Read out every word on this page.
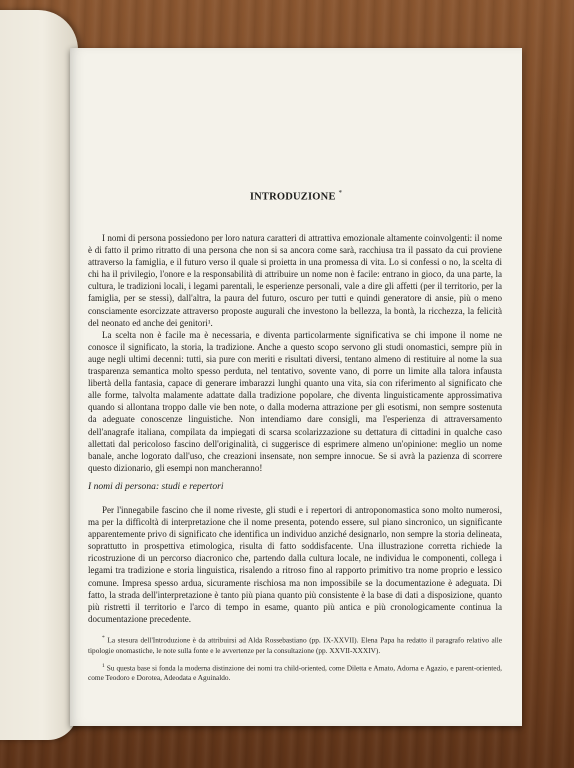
INTRODUZIONE *

I nomi di persona possiedono per loro natura caratteri di attrattiva emozionale altamente coinvolgenti: il nome è di fatto il primo ritratto di una persona che non si sa ancora come sarà, racchiusa tra il passato da cui proviene attraverso la famiglia, e il futuro verso il quale si proietta in una promessa di vita. Lo si confessi o no, la scelta di chi ha il privilegio, l'onore e la responsabilità di attribuire un nome non è facile: entrano in gioco, da una parte, la cultura, le tradizioni locali, i legami parentali, le esperienze personali, vale a dire gli affetti (per il territorio, per la famiglia, per se stessi), dall'altra, la paura del futuro, oscuro per tutti e quindi generatore di ansie, più o meno consciamente esorcizzate attraverso proposte augurali che investono la bellezza, la bontà, la ricchezza, la felicità del neonato ed anche dei genitori¹.

La scelta non è facile ma è necessaria, e diventa particolarmente significativa se chi impone il nome ne conosce il significato, la storia, la tradizione. Anche a questo scopo servono gli studi onomastici, sempre più in auge negli ultimi decenni: tutti, sia pure con meriti e risultati diversi, tentano almeno di restituire al nome la sua trasparenza semantica molto spesso perduta, nel tentativo, sovente vano, di porre un limite alla talora infausta libertà della fantasia, capace di generare imbarazzi lunghi quanto una vita, sia con riferimento al significato che alle forme, talvolta malamente adattate dalla tradizione popolare, che diventa linguisticamente approssimativa quando si allontana troppo dalle vie ben note, o dalla moderna attrazione per gli esotismi, non sempre sostenuta da adeguate conoscenze linguistiche. Non intendiamo dare consigli, ma l'esperienza di attraversamento dell'anagrafe italiana, compilata da impiegati di scarsa scolarizzazione su dettatura di cittadini in qualche caso allettati dal pericoloso fascino dell'originalità, ci suggerisce di esprimere almeno un'opinione: meglio un nome banale, anche logorato dall'uso, che creazioni insensate, non sempre innocue. Se si avrà la pazienza di scorrere questo dizionario, gli esempi non mancheranno!

I nomi di persona: studi e repertori

Per l'innegabile fascino che il nome riveste, gli studi e i repertori di antroponomastica sono molto numerosi, ma per la difficoltà di interpretazione che il nome presenta, potendo essere, sul piano sincronico, un significante apparentemente privo di significato che identifica un individuo anziché designarlo, non sempre la storia delineata, soprattutto in prospettiva etimologica, risulta di fatto soddisfacente. Una illustrazione corretta richiede la ricostruzione di un percorso diacronico che, partendo dalla cultura locale, ne individua le componenti, collega i legami tra tradizione e storia linguistica, risalendo a ritroso fino al rapporto primitivo tra nome proprio e lessico comune. Impresa spesso ardua, sicuramente rischiosa ma non impossibile se la documentazione è adeguata. Di fatto, la strada dell'interpretazione è tanto più piana quanto più consistente è la base di dati a disposizione, quanto più ristretti il territorio e l'arco di tempo in esame, quanto più antica e più cronologicamente continua la documentazione precedente.

* La stesura dell'Introduzione è da attribuirsi ad Alda Rossebastiano (pp. IX-XXVII). Elena Papa ha redatto il paragrafo relativo alle tipologie onomastiche, le note sulla fonte e le avvertenze per la consultazione (pp. XXVII-XXXIV).

$^1$ Su questa base si fonda la moderna distinzione dei nomi tra child-oriented, come Diletta e Amato, Adorna e Agazio, e parent-oriented, come Teodoro e Dorotea, Adeodata e Aguinaldo.
